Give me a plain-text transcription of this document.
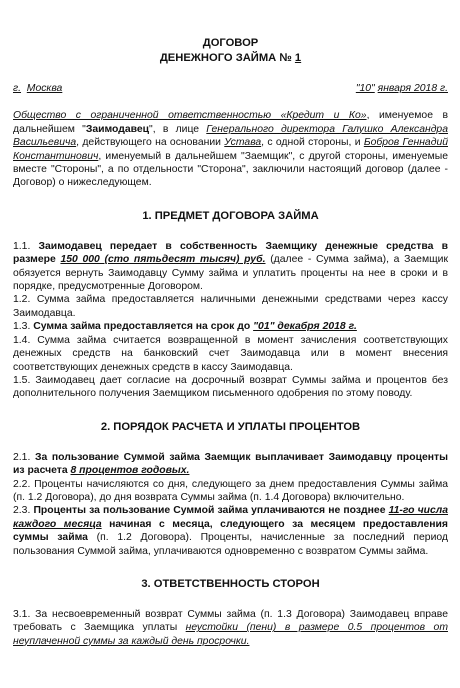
ДОГОВОР
ДЕНЕЖНОГО ЗАЙМА № 1
г. Москва	"10" января 2018 г.
Общество с ограниченной ответственностью «Кредит и Ко», именуемое в дальнейшем "Заимодавец", в лице Генерального директора Галушко Александра Васильевича, действующего на основании Устава, с одной стороны, и Бобров Геннадий Константинович, именуемый в дальнейшем "Заемщик", с другой стороны, именуемые вместе "Стороны", а по отдельности "Сторона", заключили настоящий договор (далее - Договор) о нижеследующем.
1. ПРЕДМЕТ ДОГОВОРА ЗАЙМА
1.1. Заимодавец передает в собственность Заемщику денежные средства в размере 150 000 (сто пятьдесят тысяч) руб. (далее - Сумма займа), а Заемщик обязуется вернуть Заимодавцу Сумму займа и уплатить проценты на нее в сроки и в порядке, предусмотренные Договором.
1.2. Сумма займа предоставляется наличными денежными средствами через кассу Заимодавца.
1.3. Сумма займа предоставляется на срок до "01" декабря 2018 г.
1.4. Сумма займа считается возвращенной в момент зачисления соответствующих денежных средств на банковский счет Заимодавца или в момент внесения соответствующих денежных средств в кассу Заимодавца.
1.5. Заимодавец дает согласие на досрочный возврат Суммы займа и процентов без дополнительного получения Заемщиком письменного одобрения по этому поводу.
2. ПОРЯДОК РАСЧЕТА И УПЛАТЫ ПРОЦЕНТОВ
2.1. За пользование Суммой займа Заемщик выплачивает Заимодавцу проценты из расчета 8 процентов годовых.
2.2. Проценты начисляются со дня, следующего за днем предоставления Суммы займа (п. 1.2 Договора), до дня возврата Суммы займа (п. 1.4 Договора) включительно.
2.3. Проценты за пользование Суммой займа уплачиваются не позднее 11-го числа каждого месяца начиная с месяца, следующего за месяцем предоставления суммы займа (п. 1.2 Договора). Проценты, начисленные за последний период пользования Суммой займа, уплачиваются одновременно с возвратом Суммы займа.
3. ОТВЕТСТВЕННОСТЬ СТОРОН
3.1. За несвоевременный возврат Суммы займа (п. 1.3 Договора) Заимодавец вправе требовать с Заемщика уплаты неустойки (пени) в размере 0.5 процентов от неуплаченной суммы за каждый день просрочки.
